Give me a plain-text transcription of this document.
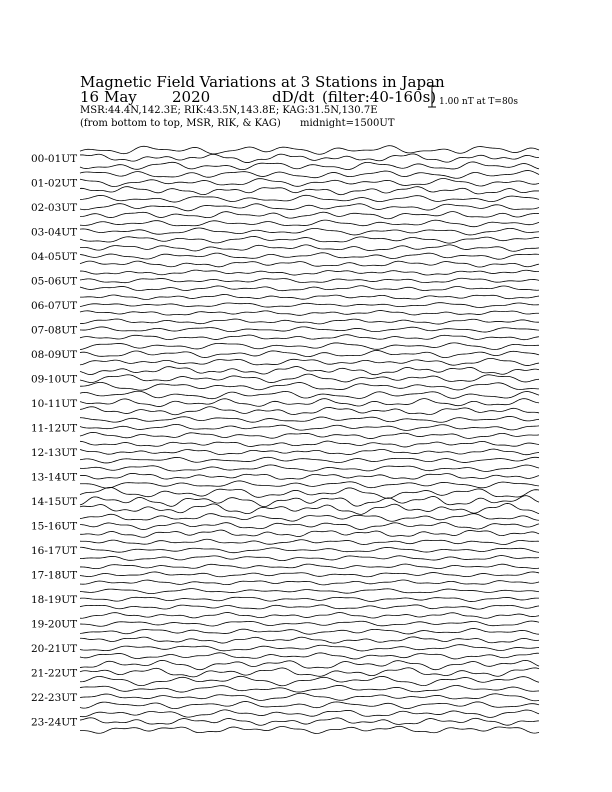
Magnetic Field Variations at 3 Stations in Japan
16 May 2020	dD/dt (filter:40-160s)
MSR:44.4N,142.3E; RIK:43.5N,143.8E; KAG:31.5N,130.7E
(from bottom to top, MSR, RIK, & KAG) midnight=1500UT
1.00 nT at T=80s
00-01UT
01-02UT
02-03UT
03-04UT
04-05UT
05-06UT
06-07UT
07-08UT
08-09UT
09-10UT
10-11UT
11-12UT
12-13UT
13-14UT
14-15UT
15-16UT
16-17UT
17-18UT
18-19UT
19-20UT
20-21UT
21-22UT
22-23UT
23-24UT
